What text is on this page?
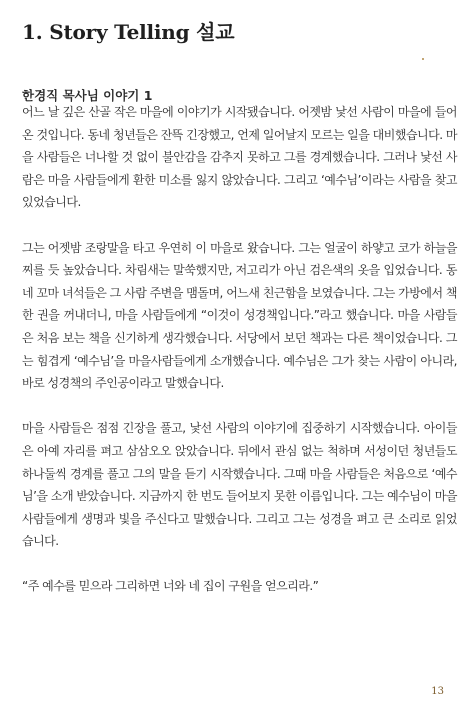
1. Story Telling 설교
한경직 목사님 이야기 1

어느 날 깊은 산골 작은 마을에 이야기가 시작됐습니다. 어젯밤 낯선 사람이 마을에 들어온 것입니다. 동네 청년들은 잔뜩 긴장했고, 언제 일어날지 모르는 일을 대비했습니다. 마을 사람들은 너나할 것 없이 불안감을 감추지 못하고 그를 경계했습니다. 그러나 낯선 사람은 마을 사람들에게 환한 미소를 잃지 않았습니다. 그리고 ‘예수님’이라는 사람을 찾고 있었습니다.

그는 어젯밤 조랑말을 타고 우연히 이 마을로 왔습니다. 그는 얼굴이 하얗고 코가 하늘을 찌를 듯 높았습니다. 차림새는 말쑥했지만, 저고리가 아닌 검은색의 옷을 입었습니다. 동네 꼬마 녀석들은 그 사람 주변을 맴돌며, 어느새 친근함을 보였습니다. 그는 가방에서 책 한 권을 꺼내더니, 마을 사람들에게 “이것이 성경책입니다.”라고 했습니다. 마을 사람들은 처음 보는 책을 신기하게 생각했습니다. 서당에서 보던 책과는 다른 책이었습니다. 그는 힘겹게 ‘예수님’을 마을사람들에게 소개했습니다. 예수님은 그가 찾는 사람이 아니라, 바로 성경책의 주인공이라고 말했습니다.

마을 사람들은 점점 긴장을 풀고, 낯선 사람의 이야기에 집중하기 시작했습니다. 아이들은 아예 자리를 펴고 삼삼오오 앉았습니다. 뒤에서 관심 없는 척하며 서성이던 청년들도 하나둘씩 경계를 풀고 그의 말을 듣기 시작했습니다. 그때 마을 사람들은 처음으로 ‘예수님’을 소개 받았습니다. 지금까지 한 번도 들어보지 못한 이름입니다. 그는 예수님이 마을 사람들에게 생명과 빛을 주신다고 말했습니다. 그리고 그는 성경을 펴고 큰 소리로 읽었습니다.

“주 예수를 믿으라 그리하면 너와 네 집이 구원을 얻으리라.”

13
